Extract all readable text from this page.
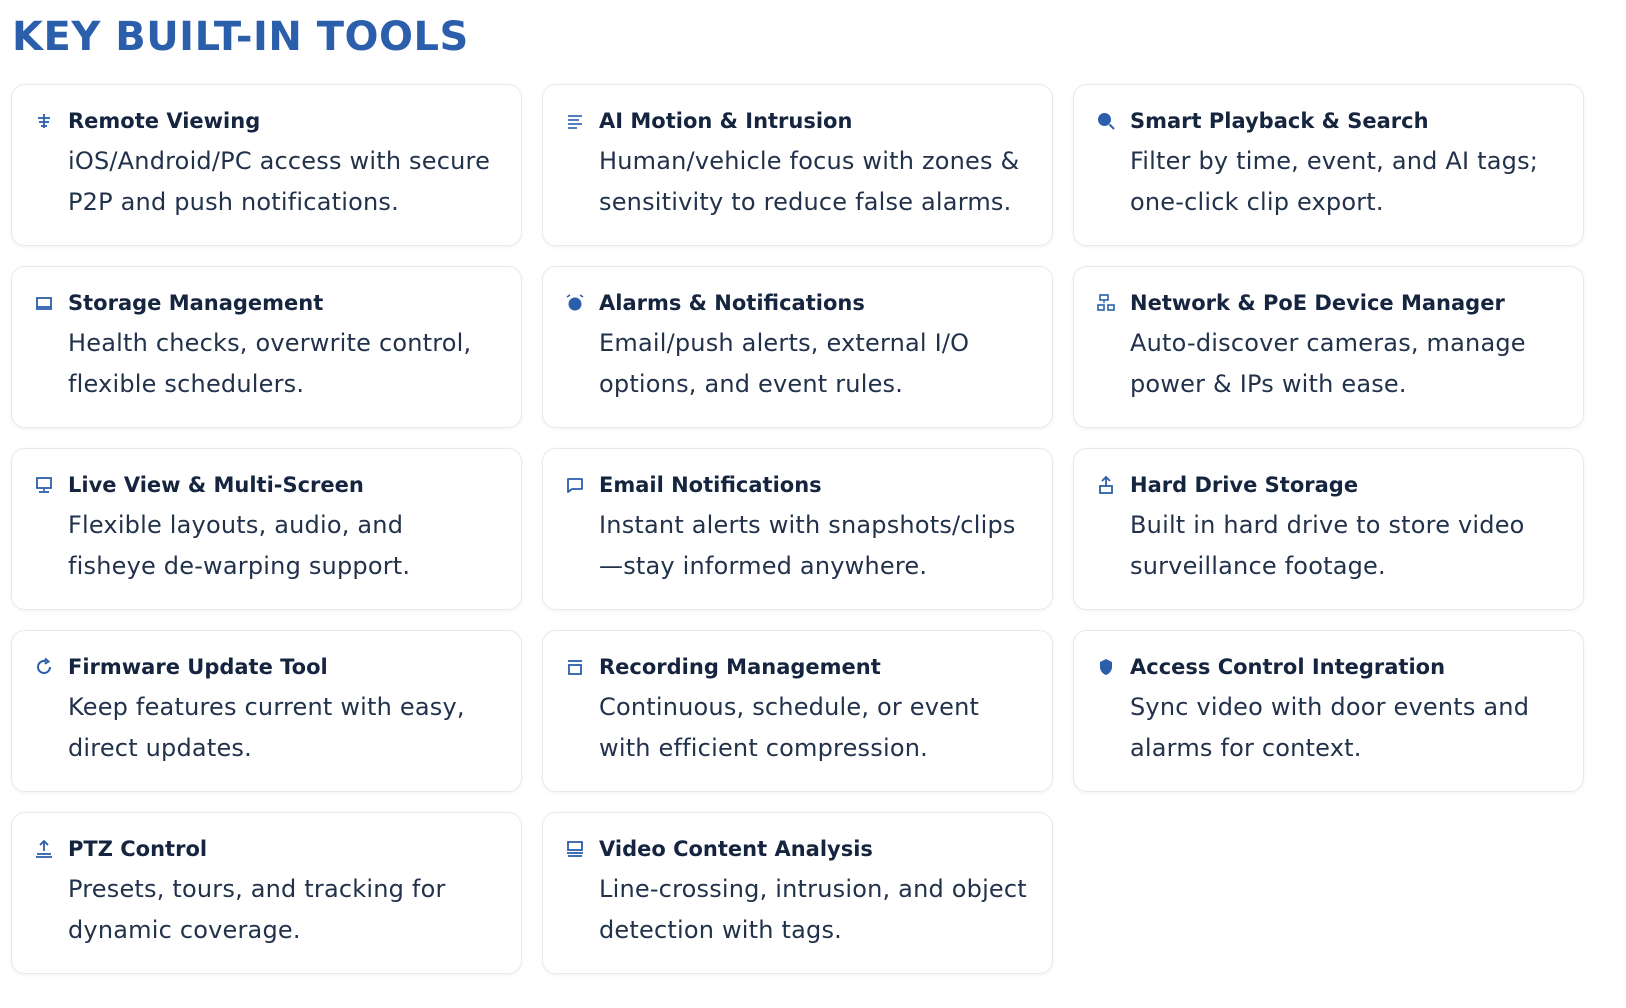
KEY BUILT-IN TOOLS
Remote Viewing

iOS/Android/PC access with secure P2P and push notifications.

AI Motion & Intrusion

Human/vehicle focus with zones & sensitivity to reduce false alarms.

Smart Playback & Search

Filter by time, event, and AI tags; one-click clip export.

Storage Management

Health checks, overwrite control, flexible schedulers.

Alarms & Notifications

Email/push alerts, external I/O options, and event rules.

Network & PoE Device Manager

Auto-discover cameras, manage power & IPs with ease.

Live View & Multi-Screen

Flexible layouts, audio, and fisheye de-warping support.

Email Notifications

Instant alerts with snapshots/clips—stay informed anywhere.

Hard Drive Storage

Built in hard drive to store video surveillance footage.

Firmware Update Tool

Keep features current with easy, direct updates.

Recording Management

Continuous, schedule, or event with efficient compression.

Access Control Integration

Sync video with door events and alarms for context.

PTZ Control

Presets, tours, and tracking for dynamic coverage.

Video Content Analysis

Line-crossing, intrusion, and object detection with tags.
